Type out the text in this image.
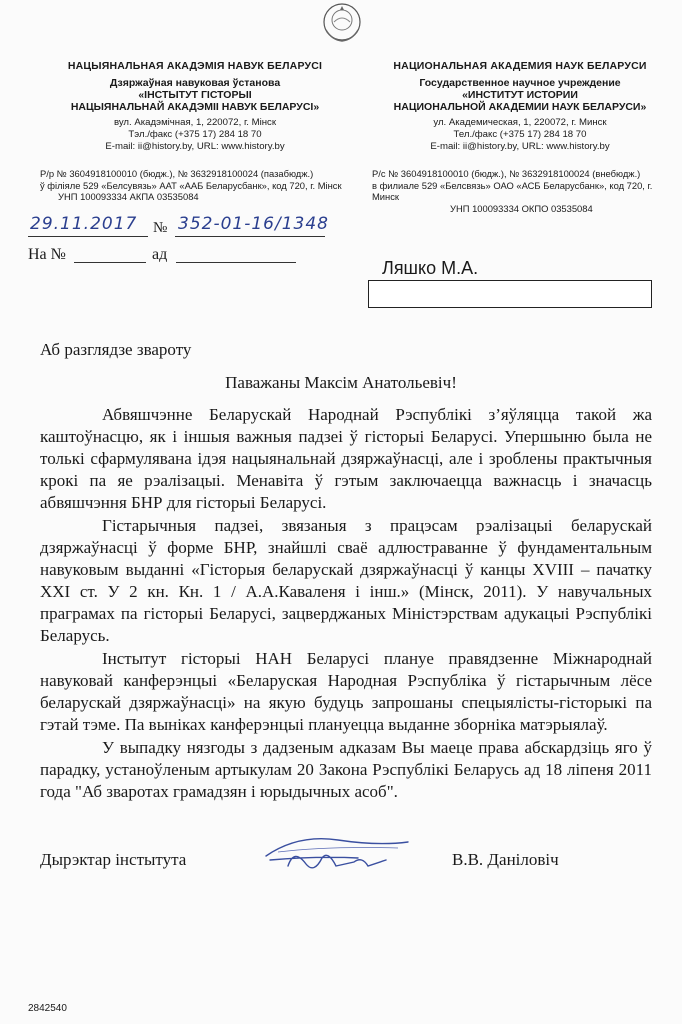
НАЦЫЯНАЛЬНАЯ АКАДЭМІЯ НАВУК БЕЛАРУСІ
Дзяржаўная навуковая ўстанова
«ІНСТЫТУТ ГІСТОРЫІ
НАЦЫЯНАЛЬНАЙ АКАДЭМІІ НАВУК БЕЛАРУСІ»
вул. Акадэмічная, 1, 220072, г. Мінск
Тэл./факс (+375 17) 284 18 70
E-mail: ii@history.by, URL: www.history.by
НАЦИОНАЛЬНАЯ АКАДЕМИЯ НАУК БЕЛАРУСИ
Государственное научное учреждение
«ИНСТИТУТ ИСТОРИИ
НАЦИОНАЛЬНОЙ АКАДЕМИИ НАУК БЕЛАРУСИ»
ул. Академическая, 1, 220072, г. Минск
Тел./факс (+375 17) 284 18 70
E-mail: ii@history.by, URL: www.history.by
Р/р № 3604918100010 (бюдж.), № 3632918100024 (пазабюдж.)
ў філіяле 529 «Белсувязь» ААТ «ААБ Беларусбанк», код 720, г. Мінск
УНП 100093334 АКПА 03535084
Р/с № 3604918100010 (бюдж.), № 3632918100024 (внебюдж.)
в филиале 529 «Белсвязь» ОАО «АСБ Беларусбанк», код 720, г. Минск
УНП 100093334 ОКПО 03535084
29.11.2017 № 352-01-16/1348
На №	ад
Ляшко М.А.
Аб разглядзе звароту
Паважаны Максім Анатольевіч!

Абвяшчэнне Беларускай Народнай Рэспублікі з’яўляцца такой жа каштоўнасцю, як і іншыя важныя падзеі ў гісторыі Беларусі. Упершыню была не толькі сфармулявана ідэя нацыянальнай дзяржаўнасці, але і зроблены практычныя крокі па яе рэалізацыі. Менавіта ў гэтым заключаецца важнасць і значасць абвяшчэння БНР для гісторыі Беларусі.

Гістарычныя падзеі, звязаныя з працэсам рэалізацыі беларускай дзяржаўнасці ў форме БНР, знайшлі сваё адлюстраванне ў фундаментальным навуковым выданні «Гісторыя беларускай дзяржаўнасці ў канцы XVIII – пачатку XXI ст. У 2 кн. Кн. 1 / А.А.Каваленя і інш.» (Мінск, 2011). У навучальных праграмах па гісторыі Беларусі, зацверджаных Міністэрствам адукацыі Рэспублікі Беларусь.

Інстытут гісторыі НАН Беларусі плануе правядзенне Міжнароднай навуковай канферэнцыі «Беларуская Народная Рэспубліка ў гістарычным лёсе беларускай дзяржаўнасці» на якую будуць запрошаны спецыялісты-гісторыкі па гэтай тэме. Па выніках канферэнцыі плануецца выданне зборніка матэрыялаў.

У выпадку нязгоды з дадзеным адказам Вы маеце права абскардзіць яго ў парадку, устаноўленым артыкулам 20 Закона Рэспублікі Беларусь ад 18 ліпеня 2011 года "Аб зваротах грамадзян і юрыдычных асоб".

Дырэктар інстытута	В.В. Даніловіч
2842540
